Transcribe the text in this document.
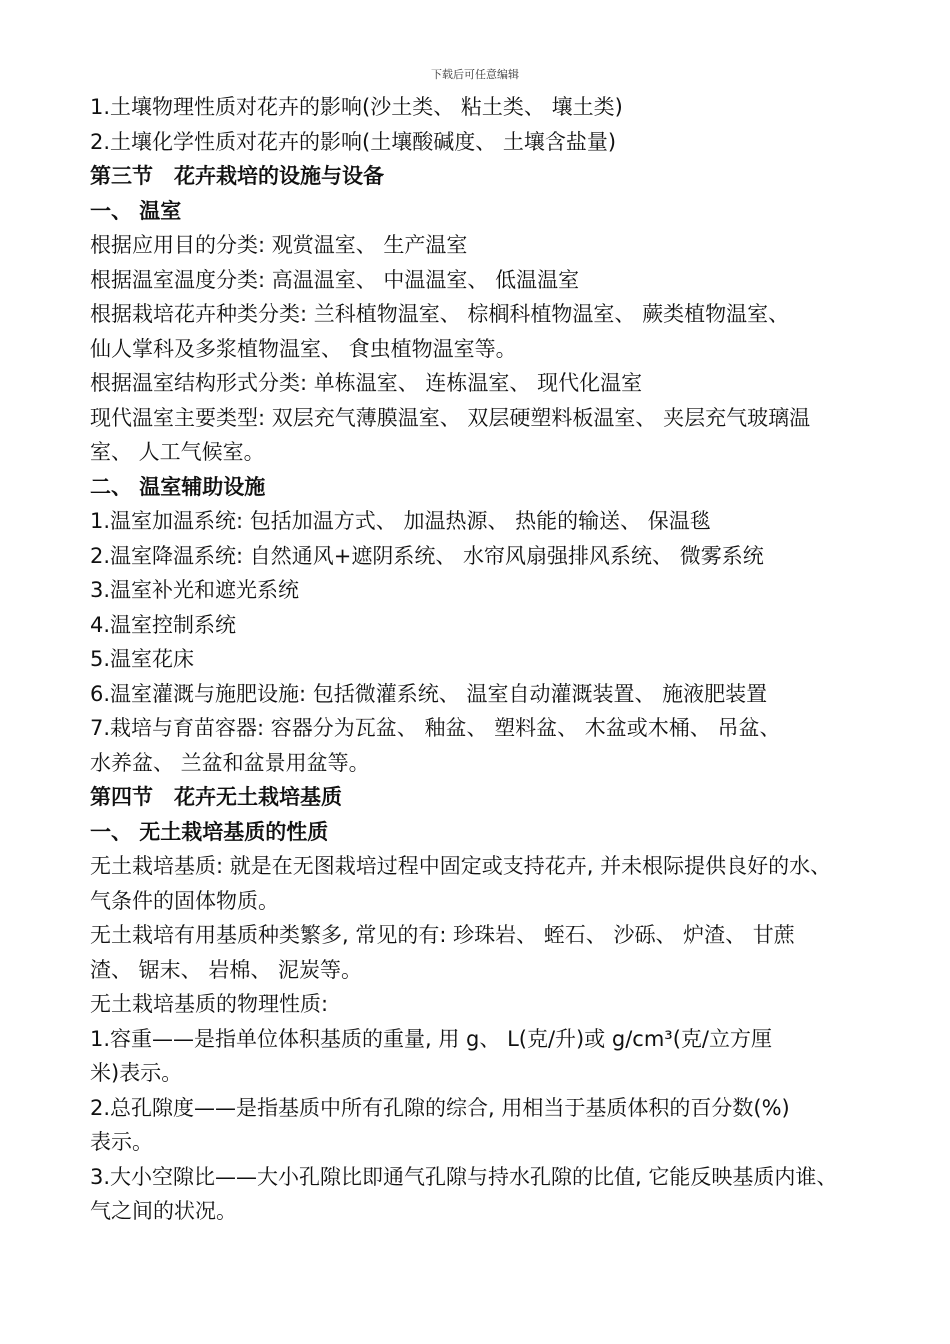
下载后可任意编辑
1.土壤物理性质对花卉的影响(沙土类、 粘土类、 壤土类)
2.土壤化学性质对花卉的影响(土壤酸碱度、 土壤含盐量)
第三节　花卉栽培的设施与设备
一、 温室
根据应用目的分类: 观赏温室、 生产温室
根据温室温度分类: 高温温室、 中温温室、 低温温室
根据栽培花卉种类分类: 兰科植物温室、 棕榈科植物温室、 蕨类植物温室、
仙人掌科及多浆植物温室、 食虫植物温室等。
根据温室结构形式分类: 单栋温室、 连栋温室、 现代化温室
现代温室主要类型: 双层充气薄膜温室、 双层硬塑料板温室、 夹层充气玻璃温
室、 人工气候室。
二、 温室辅助设施
1.温室加温系统: 包括加温方式、 加温热源、 热能的输送、 保温毯
2.温室降温系统: 自然通风+遮阴系统、 水帘风扇强排风系统、 微雾系统
3.温室补光和遮光系统
4.温室控制系统
5.温室花床
6.温室灌溉与施肥设施: 包括微灌系统、 温室自动灌溉装置、 施液肥装置
7.栽培与育苗容器: 容器分为瓦盆、 釉盆、 塑料盆、 木盆或木桶、 吊盆、
水养盆、 兰盆和盆景用盆等。
第四节　花卉无土栽培基质
一、 无土栽培基质的性质
无土栽培基质: 就是在无图栽培过程中固定或支持花卉, 并未根际提供良好的水、
气条件的固体物质。
无土栽培有用基质种类繁多, 常见的有: 珍珠岩、 蛭石、 沙砾、 炉渣、 甘蔗
渣、 锯末、 岩棉、 泥炭等。
无土栽培基质的物理性质:
1.容重——是指单位体积基质的重量, 用 g、 L(克/升)或 g/cm³(克/立方厘
米)表示。
2.总孔隙度——是指基质中所有孔隙的综合, 用相当于基质体积的百分数(%)
表示。
3.大小空隙比——大小孔隙比即通气孔隙与持水孔隙的比值, 它能反映基质内谁、
气之间的状况。
